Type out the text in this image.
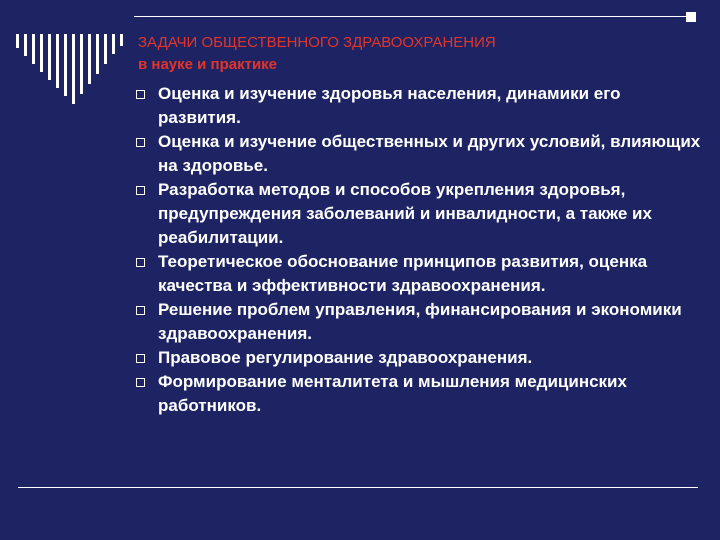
ЗАДАЧИ ОБЩЕСТВЕННОГО ЗДРАВООХРАНЕНИЯ
в науке и практике
Оценка и изучение здоровья населения, динамики его развития.
Оценка и изучение общественных и других условий, влияющих на здоровье.
Разработка методов и способов укрепления здоровья, предупреждения заболеваний и инвалидности, а также их реабилитации.
Теоретическое обоснование принципов развития, оценка качества и эффективности здравоохранения.
Решение проблем управления, финансирования и экономики здравоохранения.
Правовое регулирование здравоохранения.
Формирование менталитета и мышления медицинских работников.
